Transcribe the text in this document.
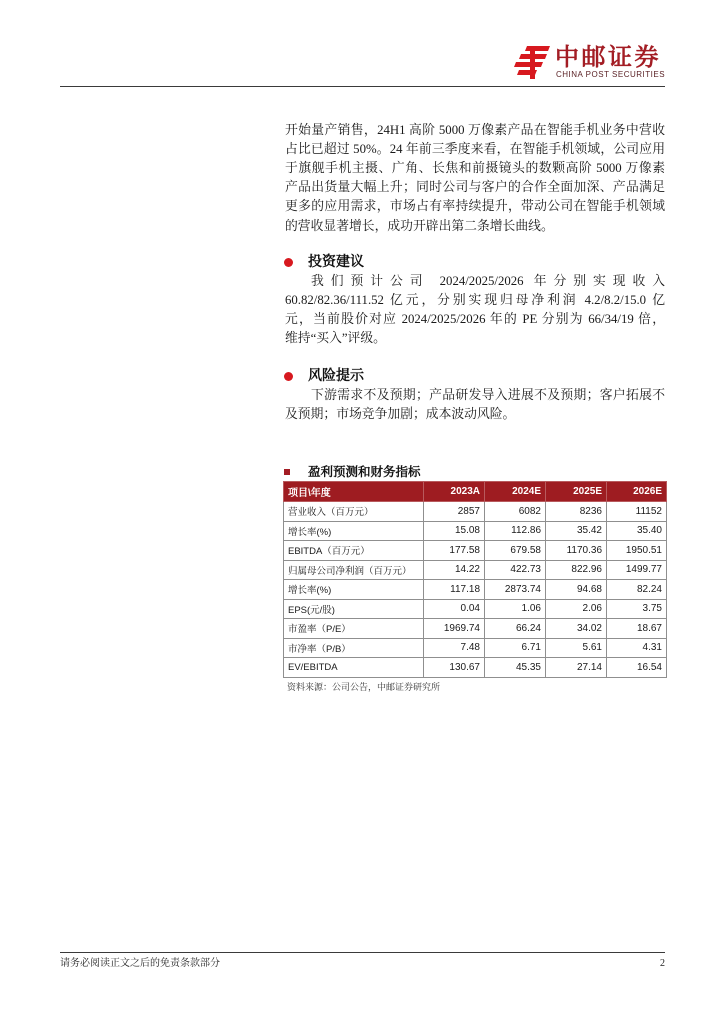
中邮证券
CHINA POST SECURITIES
开始量产销售，24H1 高阶 5000 万像素产品在智能手机业务中营收
占比已超过 50%。24 年前三季度来看，在智能手机领域，公司应用
于旗舰手机主摄、广角、长焦和前摄镜头的数颗高阶 5000 万像素
产品出货量大幅上升；同时公司与客户的合作全面加深、产品满足
更多的应用需求，市场占有率持续提升，带动公司在智能手机领域
的营收显著增长，成功开辟出第二条增长曲线。
投资建议
我们预计公司 2024/2025/2026 年分别实现收入
60.82/82.36/111.52 亿元，分别实现归母净利润 4.2/8.2/15.0 亿
元，当前股价对应 2024/2025/2026 年的 PE 分别为 66/34/19 倍，
维持“买入”评级。
风险提示
下游需求不及预期；产品研发导入进展不及预期；客户拓展不
及预期；市场竞争加剧；成本波动风险。
盈利预测和财务指标
项目\年度	2023A	2024E	2025E	2026E
营业收入（百万元）	2857	6082	8236	11152
增长率(%)	15.08	112.86	35.42	35.40
EBITDA（百万元）	177.58	679.58	1170.36	1950.51
归属母公司净利润（百万元）	14.22	422.73	822.96	1499.77
增长率(%)	117.18	2873.74	94.68	82.24
EPS(元/股)	0.04	1.06	2.06	3.75
市盈率（P/E）	1969.74	66.24	34.02	18.67
市净率（P/B）	7.48	6.71	5.61	4.31
EV/EBITDA	130.67	45.35	27.14	16.54
资料来源：公司公告，中邮证券研究所
请务必阅读正文之后的免责条款部分	2
